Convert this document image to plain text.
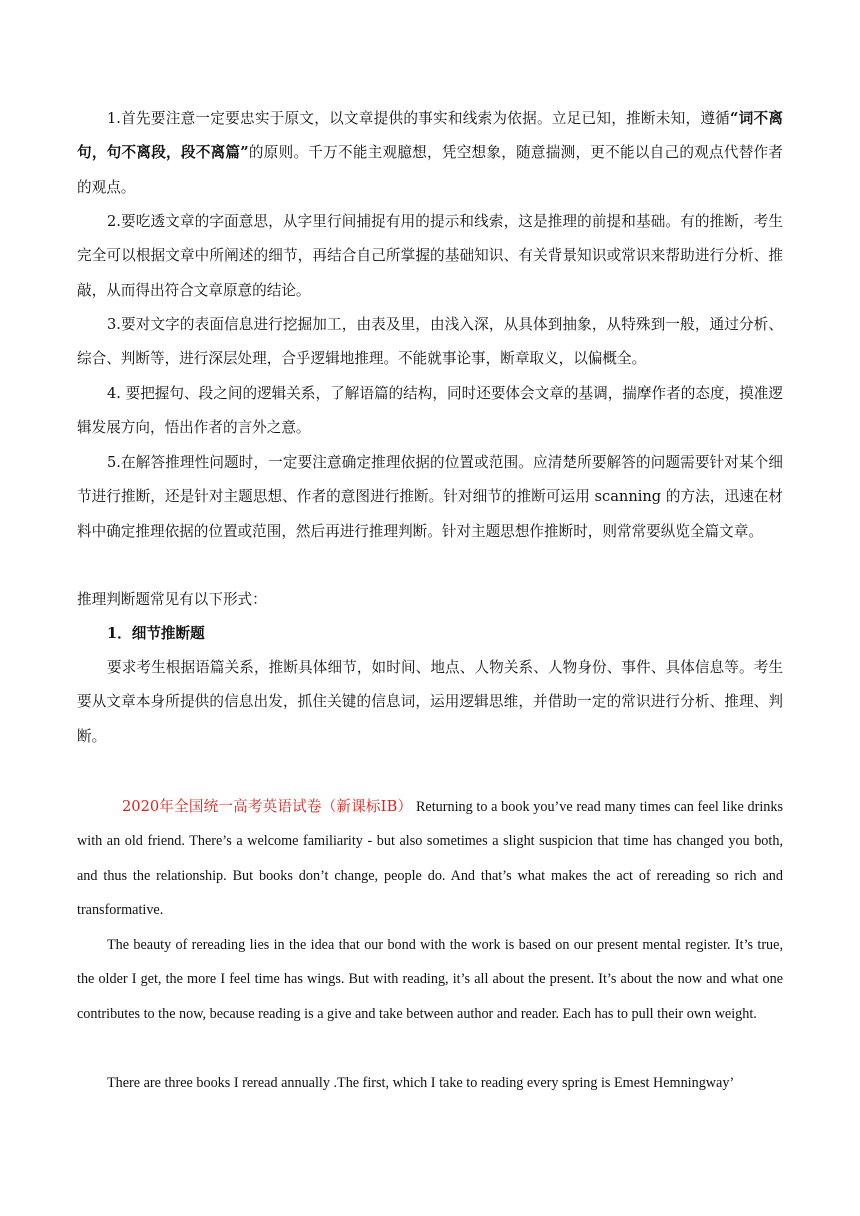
1.首先要注意一定要忠实于原文，以文章提供的事实和线索为依据。立足已知，推断未知，遵循“词不离句，句不离段，段不离篇”的原则。千万不能主观臆想，凭空想象，随意揣测，更不能以自己的观点代替作者的观点。

2.要吃透文章的字面意思，从字里行间捕捉有用的提示和线索，这是推理的前提和基础。有的推断，考生完全可以根据文章中所阐述的细节，再结合自己所掌握的基础知识、有关背景知识或常识来帮助进行分析、推敲，从而得出符合文章原意的结论。

3.要对文字的表面信息进行挖掘加工，由表及里，由浅入深，从具体到抽象，从特殊到一般，通过分析、综合、判断等，进行深层处理，合乎逻辑地推理。不能就事论事，断章取义，以偏概全。

4. 要把握句、段之间的逻辑关系，了解语篇的结构，同时还要体会文章的基调，揣摩作者的态度，摸准逻辑发展方向，悟出作者的言外之意。

5.在解答推理性问题时，一定要注意确定推理依据的位置或范围。应清楚所要解答的问题需要针对某个细节进行推断，还是针对主题思想、作者的意图进行推断。针对细节的推断可运用 scanning 的方法，迅速在材料中确定推理依据的位置或范围，然后再进行推理判断。针对主题思想作推断时，则常常要纵览全篇文章。

推理判断题常见有以下形式：

1．细节推断题

要求考生根据语篇关系，推断具体细节，如时间、地点、人物关系、人物身份、事件、具体信息等。考生要从文章本身所提供的信息出发，抓住关键的信息词，运用逻辑思维，并借助一定的常识进行分析、推理、判断。

2020年全国统一高考英语试卷（新课标ⅠB） Returning to a book you’ve read many times can feel like drinks with an old friend. There’s a welcome familiarity - but also sometimes a slight suspicion that time has changed you both, and thus the relationship. But books don’t change, people do. And that’s what makes the act of rereading so rich and transformative.

The beauty of rereading lies in the idea that our bond with the work is based on our present mental register. It’s true, the older I get, the more I feel time has wings. But with reading, it’s all about the present. It’s about the now and what one contributes to the now, because reading is a give and take between author and reader. Each has to pull their own weight.

There are three books I reread annually .The first, which I take to reading every spring is Emest Hemningway’
